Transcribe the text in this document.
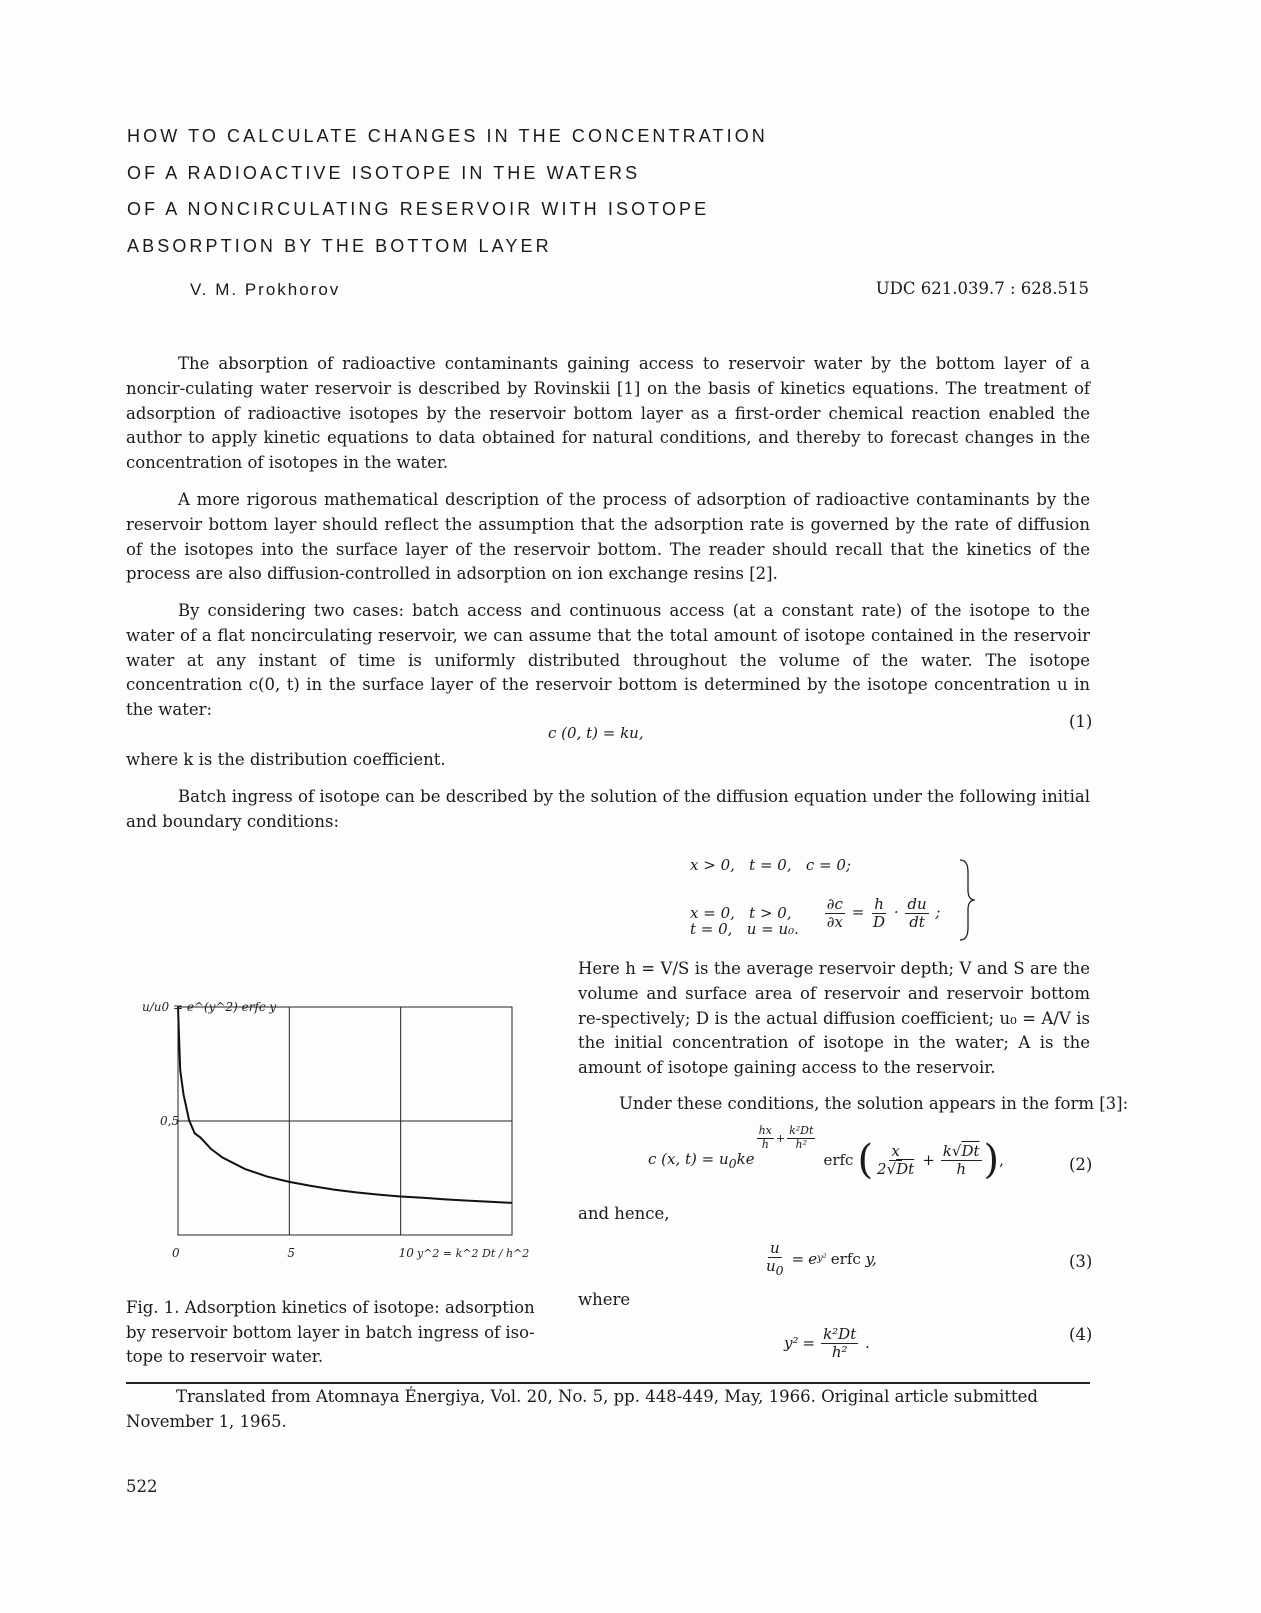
HOW TO CALCULATE CHANGES IN THE CONCENTRATION
OF A RADIOACTIVE ISOTOPE IN THE WATERS
OF A NONCIRCULATING RESERVOIR WITH ISOTOPE
ABSORPTION BY THE BOTTOM LAYER
V. M. Prokhorov	UDC 621.039.7 : 628.515
The absorption of radioactive contaminants gaining access to reservoir water by the bottom layer of a noncir-culating water reservoir is described by Rovinskii [1] on the basis of kinetics equations. The treatment of adsorption of radioactive isotopes by the reservoir bottom layer as a first-order chemical reaction enabled the author to apply kinetic equations to data obtained for natural conditions, and thereby to forecast changes in the concentration of isotopes in the water.
A more rigorous mathematical description of the process of adsorption of radioactive contaminants by the reservoir bottom layer should reflect the assumption that the adsorption rate is governed by the rate of diffusion of the isotopes into the surface layer of the reservoir bottom. The reader should recall that the kinetics of the process are also diffusion-controlled in adsorption on ion exchange resins [2].
By considering two cases: batch access and continuous access (at a constant rate) of the isotope to the water of a flat noncirculating reservoir, we can assume that the total amount of isotope contained in the reservoir water at any instant of time is uniformly distributed throughout the volume of the water. The isotope concentration c(0, t) in the surface layer of the reservoir bottom is determined by the isotope concentration u in the water:
c (0, t) = ku,
(1)
where k is the distribution coefficient.
Batch ingress of isotope can be described by the solution of the diffusion equation under the following initial and boundary conditions:
x > 0,   t = 0,   c = 0;
x = 0,   t > 0,

$\frac{\partial c}{\partial x} = \frac{h}{D} \cdot \frac{du}{dt}$ ;

t = 0,   u = u₀.
Here h = V/S is the average reservoir depth; V and S are the volume and surface area of reservoir and reservoir bottom re-spectively; D is the actual diffusion coefficient; u₀ = A/V is the initial concentration of isotope in the water; A is the amount of isotope gaining access to the reservoir.
Under these conditions, the solution appears in the form [3]:
c (x, $t) = u_0ke$
$\frac{hx}{h} + \frac{\text{k²Dt}}{\text{h²}}$
erfc ( $\frac{x}{2√Dt} + \frac{k√Dt}{h}$ ) ,	(2)
and hence,
$\frac{u}{u_0} = e$ y² erfc y,	(3)
where
$y^2 = \frac{\text{k²Dt}}{\text{h²}}$ .	(4)
0	5	10
0,5
u/u0 = e^(y^2) erfc y
y^2 = k^2 Dt / h^2
Fig. 1. Adsorption kinetics of isotope: adsorption by reservoir bottom layer in batch ingress of iso-tope to reservoir water.
Translated from Atomnaya Énergiya, Vol. 20, No. 5, pp. 448-449, May, 1966. Original article submitted November 1, 1965.
522
